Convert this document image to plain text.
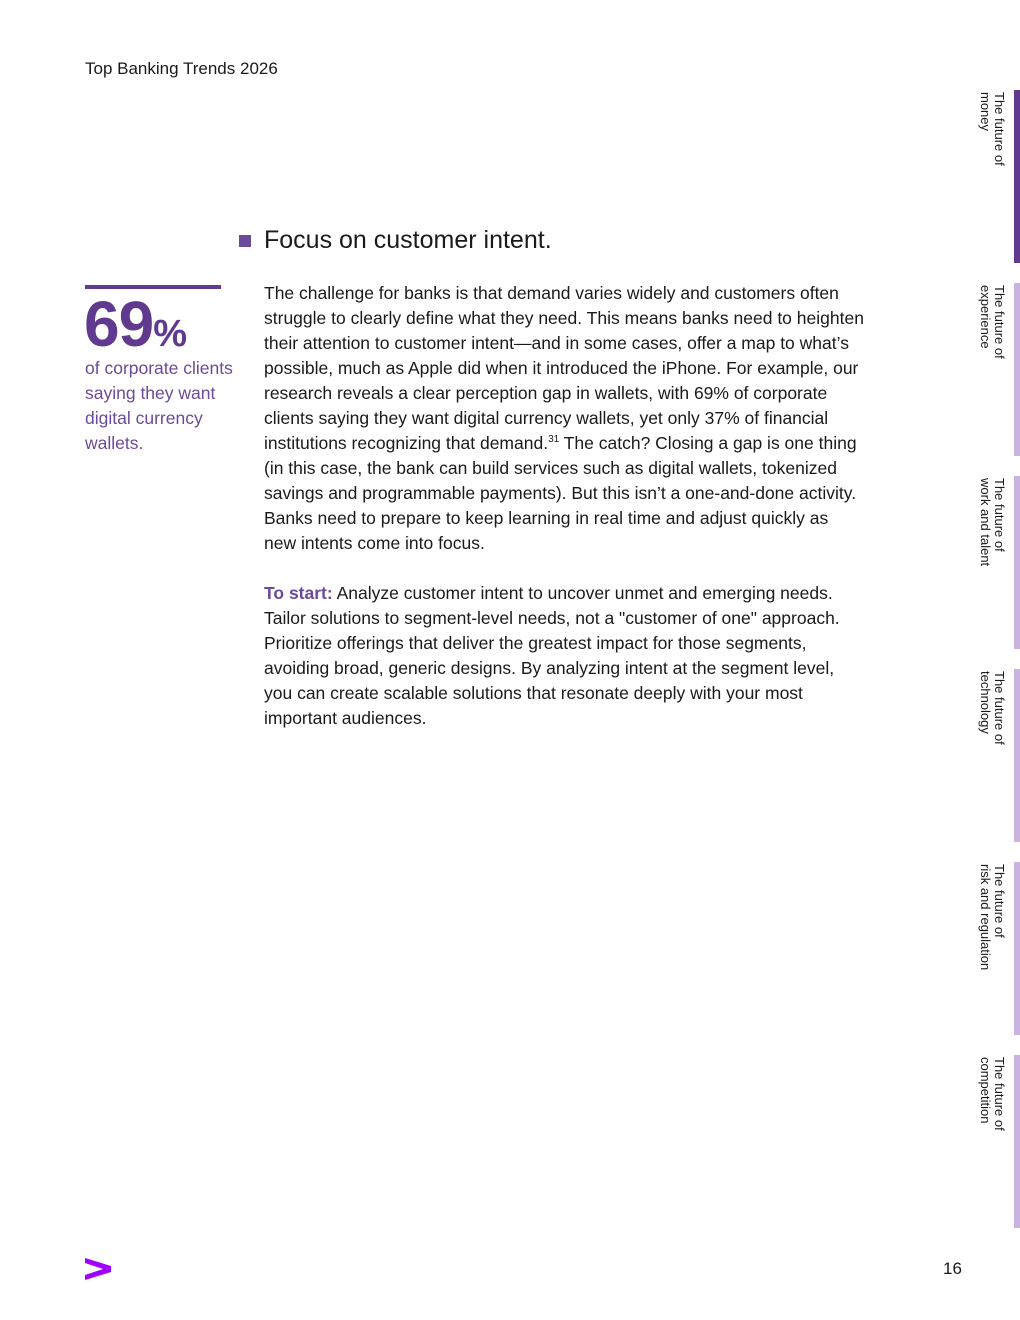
Top Banking Trends 2026
69%
of corporate clients saying they want digital currency wallets.
Focus on customer intent.

The challenge for banks is that demand varies widely and customers often struggle to clearly define what they need. This means banks need to heighten their attention to customer intent—and in some cases, offer a map to what’s possible, much as Apple did when it introduced the iPhone. For example, our research reveals a clear perception gap in wallets, with 69% of corporate clients saying they want digital currency wallets, yet only 37% of financial institutions recognizing that demand.$^{31}$ The catch? Closing a gap is one thing (in this case, the bank can build services such as digital wallets, tokenized savings and programmable payments). But this isn’t a one-and-done activity. Banks need to prepare to keep learning in real time and adjust quickly as new intents come into focus.

To start: Analyze customer intent to uncover unmet and emerging needs. Tailor solutions to segment-level needs, not a "customer of one" approach. Prioritize offerings that deliver the greatest impact for those segments, avoiding broad, generic designs. By analyzing intent at the segment level, you can create scalable solutions that resonate deeply with your most important audiences.

The future of
money
The future of
experience
The future of
work and talent
The future of
technology
The future of
risk and regulation
The future of
competition
16
